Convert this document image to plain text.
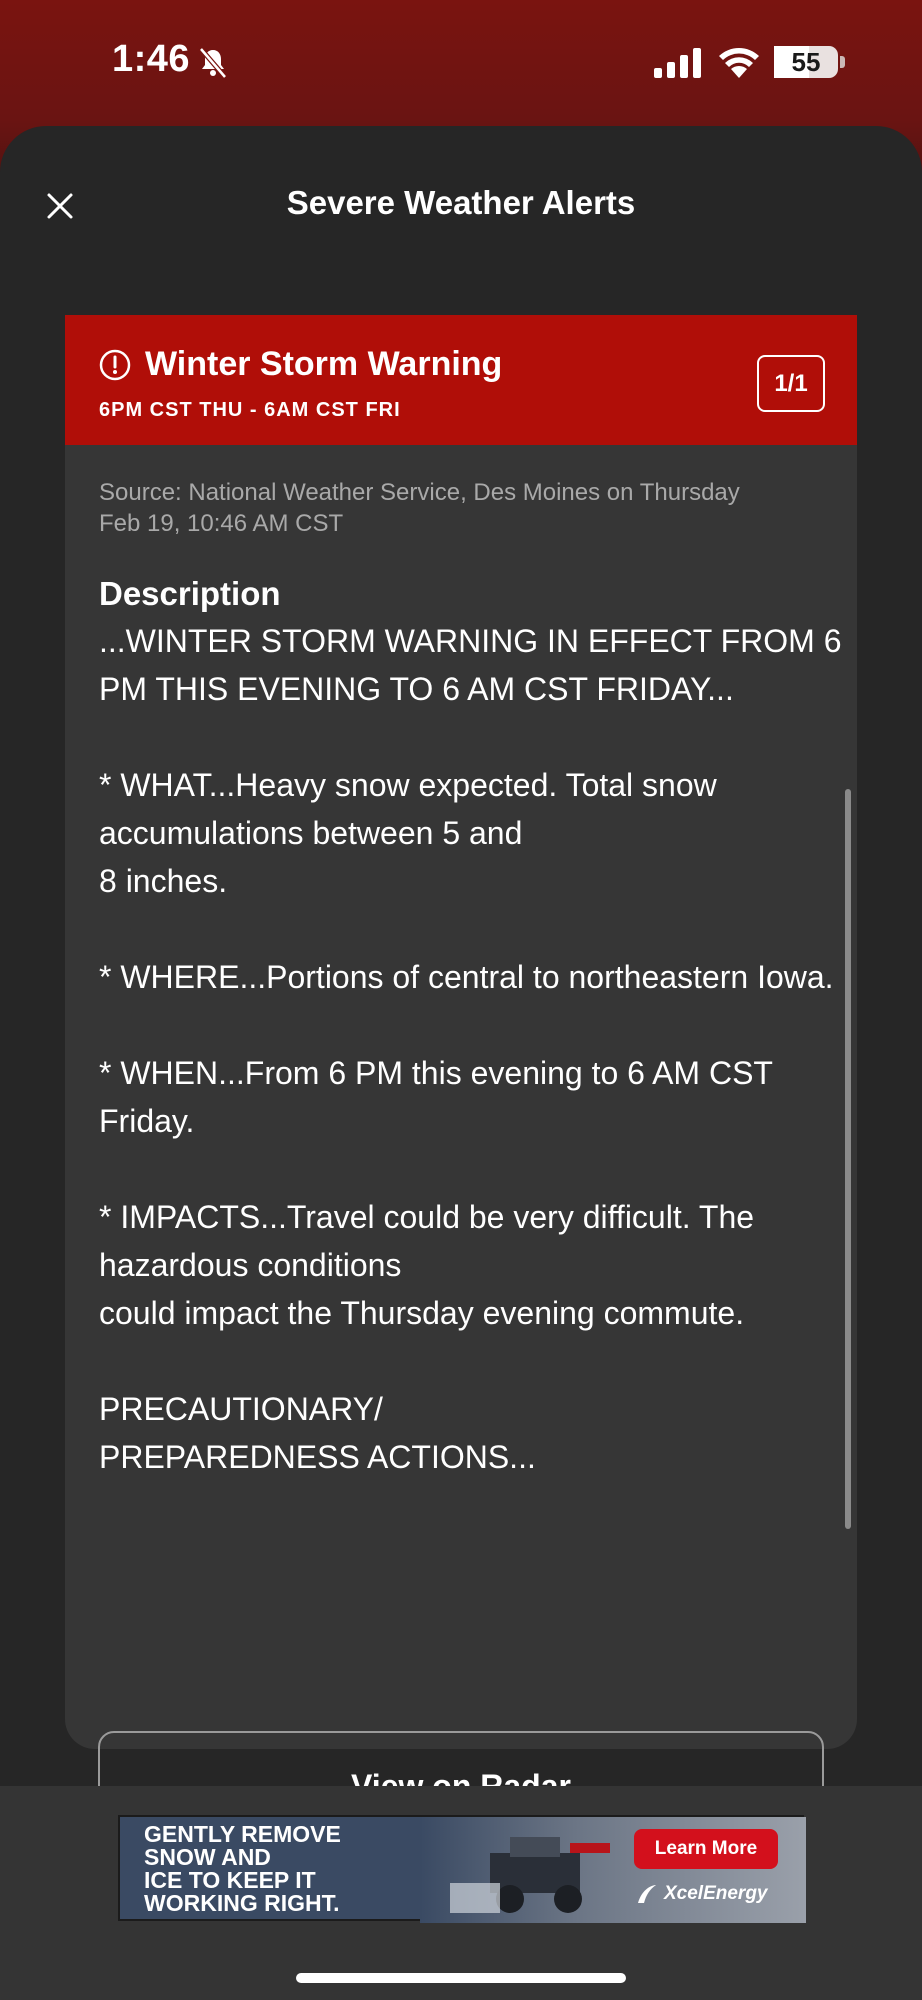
1:46	55
Severe Weather Alerts
Winter Storm Warning
6PM CST THU - 6AM CST FRI
1/1
Source: National Weather Service, Des Moines on Thursday Feb 19, 10:46 AM CST
Description
...WINTER STORM WARNING IN EFFECT FROM 6 PM THIS EVENING TO 6 AM CST FRIDAY...

* WHAT...Heavy snow expected. Total snow accumulations between 5 and
8 inches.

* WHERE...Portions of central to northeastern Iowa.

* WHEN...From 6 PM this evening to 6 AM CST Friday.

* IMPACTS...Travel could be very difficult. The hazardous conditions
could impact the Thursday evening commute.

PRECAUTIONARY/
PREPAREDNESS ACTIONS...
GENTLY REMOVE
SNOW AND
ICE TO KEEP IT
WORKING RIGHT.
Learn More
XcelEnergy
